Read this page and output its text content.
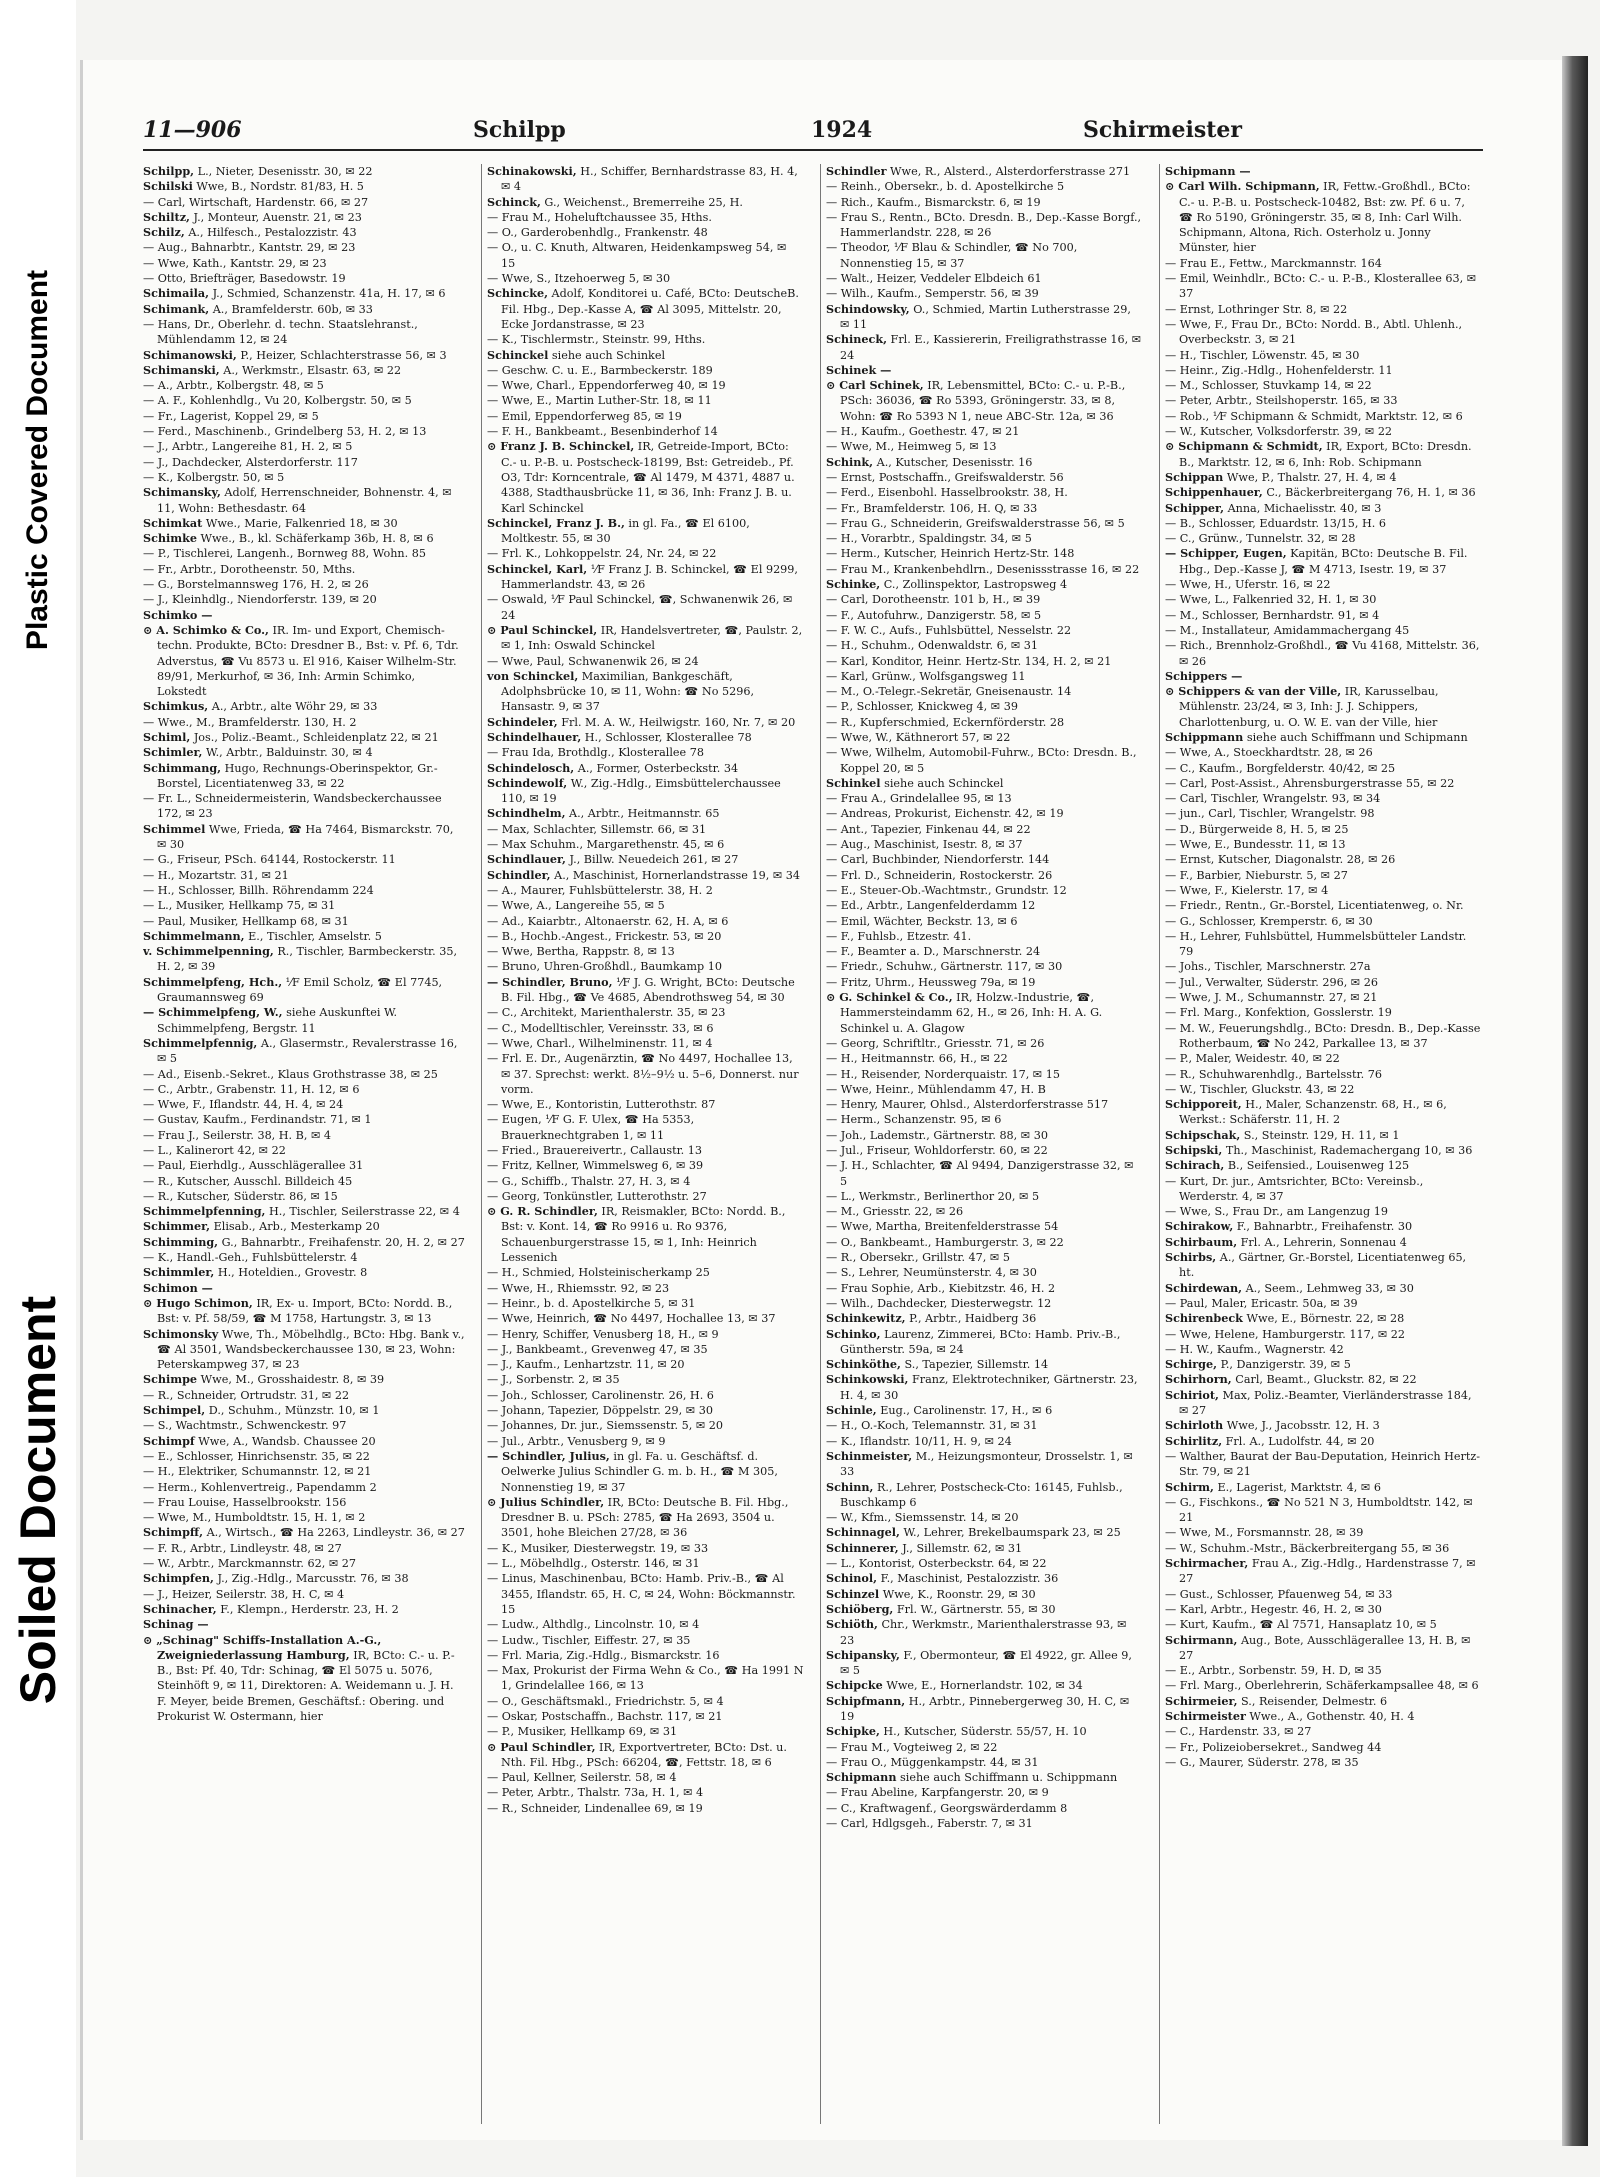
Plastic Covered Document
Soiled Document
11—906	Schilpp	1924	Schirmeister

Schilpp, L., Nieter, Desenisstr. 30, ✉ 22

Schilski Wwe, B., Nordstr. 81/83, H. 5

— Carl, Wirtschaft, Hardenstr. 66, ✉ 27

Schiltz, J., Monteur, Auenstr. 21, ✉ 23

Schilz, A., Hilfesch., Pestalozzistr. 43

— Aug., Bahnarbtr., Kantstr. 29, ✉ 23

— Wwe, Kath., Kantstr. 29, ✉ 23

— Otto, Briefträger, Basedowstr. 19

Schimaila, J., Schmied, Schanzenstr. 41a, H. 17, ✉ 6

Schimank, A., Bramfelderstr. 60b, ✉ 33

— Hans, Dr., Oberlehr. d. techn. Staatslehranst., Mühlendamm 12, ✉ 24

Schimanowski, P., Heizer, Schlachterstrasse 56, ✉ 3

Schimanski, A., Werkmstr., Elsastr. 63, ✉ 22

— A., Arbtr., Kolbergstr. 48, ✉ 5

— A. F., Kohlenhdlg., Vu 20, Kolbergstr. 50, ✉ 5

— Fr., Lagerist, Koppel 29, ✉ 5

— Ferd., Maschinenb., Grindelberg 53, H. 2, ✉ 13

— J., Arbtr., Langereihe 81, H. 2, ✉ 5

— J., Dachdecker, Alsterdorferstr. 117

— K., Kolbergstr. 50, ✉ 5

Schimansky, Adolf, Herrenschneider, Bohnenstr. 4, ✉ 11, Wohn: Bethesdastr. 64

Schimkat Wwe., Marie, Falkenried 18, ✉ 30

Schimke Wwe., B., kl. Schäferkamp 36b, H. 8, ✉ 6

— P., Tischlerei, Langenh., Bornweg 88, Wohn. 85

— Fr., Arbtr., Dorotheenstr. 50, Mths.

— G., Borstelmannsweg 176, H. 2, ✉ 26

— J., Kleinhdlg., Niendorferstr. 139, ✉ 20

Schimko —

⊙ A. Schimko & Co., IR. Im- und Export, Chemisch-techn. Produkte, BCto: Dresdner B., Bst: v. Pf. 6, Tdr. Adverstus, ☎ Vu 8573 u. El 916, Kaiser Wilhelm-Str. 89/91, Merkurhof, ✉ 36, Inh: Armin Schimko, Lokstedt

Schimkus, A., Arbtr., alte Wöhr 29, ✉ 33

— Wwe., M., Bramfelderstr. 130, H. 2

Schiml, Jos., Poliz.-Beamt., Schleidenplatz 22, ✉ 21

Schimler, W., Arbtr., Balduinstr. 30, ✉ 4

Schimmang, Hugo, Rechnungs-Oberinspektor, Gr.-Borstel, Licentiatenweg 33, ✉ 22

— Fr. L., Schneidermeisterin, Wandsbeckerchaussee 172, ✉ 23

Schimmel Wwe, Frieda, ☎ Ha 7464, Bismarckstr. 70, ✉ 30

— G., Friseur, PSch. 64144, Rostockerstr. 11

— H., Mozartstr. 31, ✉ 21

— H., Schlosser, Billh. Röhrendamm 224

— L., Musiker, Hellkamp 75, ✉ 31

— Paul, Musiker, Hellkamp 68, ✉ 31

Schimmelmann, E., Tischler, Amselstr. 5

v. Schimmelpenning, R., Tischler, Barmbeckerstr. 35, H. 2, ✉ 39

Schimmelpfeng, Hch., ⅟F Emil Scholz, ☎ El 7745, Graumannsweg 69

— Schimmelpfeng, W., siehe Auskunftei W. Schimmelpfeng, Bergstr. 11

Schimmelpfennig, A., Glasermstr., Revalerstrasse 16, ✉ 5

— Ad., Eisenb.-Sekret., Klaus Grothstrasse 38, ✉ 25

— C., Arbtr., Grabenstr. 11, H. 12, ✉ 6

— Wwe, F., Iflandstr. 44, H. 4, ✉ 24

— Gustav, Kaufm., Ferdinandstr. 71, ✉ 1

— Frau J., Seilerstr. 38, H. B, ✉ 4

— L., Kalinerort 42, ✉ 22

— Paul, Eierhdlg., Ausschlägerallee 31

— R., Kutscher, Ausschl. Billdeich 45

— R., Kutscher, Süderstr. 86, ✉ 15

Schimmelpfenning, H., Tischler, Seilerstrasse 22, ✉ 4

Schimmer, Elisab., Arb., Mesterkamp 20

Schimming, G., Bahnarbtr., Freihafenstr. 20, H. 2, ✉ 27

— K., Handl.-Geh., Fuhlsbüttelerstr. 4

Schimmler, H., Hoteldien., Grovestr. 8

Schimon —

⊙ Hugo Schimon, IR, Ex- u. Import, BCto: Nordd. B., Bst: v. Pf. 58/59, ☎ M 1758, Hartungstr. 3, ✉ 13

Schimonsky Wwe, Th., Möbelhdlg., BCto: Hbg. Bank v., ☎ Al 3501, Wandsbeckerchaussee 130, ✉ 23, Wohn: Peterskampweg 37, ✉ 23

Schimpe Wwe, M., Grosshaidestr. 8, ✉ 39

— R., Schneider, Ortrudstr. 31, ✉ 22

Schimpel, D., Schuhm., Münzstr. 10, ✉ 1

— S., Wachtmstr., Schwenckestr. 97

Schimpf Wwe, A., Wandsb. Chaussee 20

— E., Schlosser, Hinrichsenstr. 35, ✉ 22

— H., Elektriker, Schumannstr. 12, ✉ 21

— Herm., Kohlenvertreig., Papendamm 2

— Frau Louise, Hasselbrookstr. 156

— Wwe, M., Humboldtstr. 15, H. 1, ✉ 2

Schimpff, A., Wirtsch., ☎ Ha 2263, Lindleystr. 36, ✉ 27

— F. R., Arbtr., Lindleystr. 48, ✉ 27

— W., Arbtr., Marckmannstr. 62, ✉ 27

Schimpfen, J., Zig.-Hdlg., Marcusstr. 76, ✉ 38

— J., Heizer, Seilerstr. 38, H. C, ✉ 4

Schinacher, F., Klempn., Herderstr. 23, H. 2

Schinag —

⊙ „Schinag" Schiffs-Installation A.-G., Zweigniederlassung Hamburg, IR, BCto: C.- u. P.-B., Bst: Pf. 40, Tdr: Schinag, ☎ El 5075 u. 5076, Steinhöft 9, ✉ 11, Direktoren: A. Weidemann u. J. H. F. Meyer, beide Bremen, Geschäftsf.: Obering. und Prokurist W. Ostermann, hier

Schinakowski, H., Schiffer, Bernhardstrasse 83, H. 4, ✉ 4

Schinck, G., Weichenst., Bremerreihe 25, H.

— Frau M., Hoheluftchaussee 35, Hths.

— O., Garderobenhdlg., Frankenstr. 48

— O., u. C. Knuth, Altwaren, Heidenkampsweg 54, ✉ 15

— Wwe, S., Itzehoerweg 5, ✉ 30

Schincke, Adolf, Konditorei u. Café, BCto: DeutscheB. Fil. Hbg., Dep.-Kasse A, ☎ Al 3095, Mittelstr. 20, Ecke Jordanstrasse, ✉ 23

— K., Tischlermstr., Steinstr. 99, Hths.

Schinckel siehe auch Schinkel

— Geschw. C. u. E., Barmbeckerstr. 189

— Wwe, Charl., Eppendorferweg 40, ✉ 19

— Wwe, E., Martin Luther-Str. 18, ✉ 11

— Emil, Eppendorferweg 85, ✉ 19

— F. H., Bankbeamt., Besenbinderhof 14

⊙ Franz J. B. Schinckel, IR, Getreide-Import, BCto: C.- u. P.-B. u. Postscheck-18199, Bst: Getreideb., Pf. O3, Tdr: Korncentrale, ☎ Al 1479, M 4371, 4887 u. 4388, Stadthausbrücke 11, ✉ 36, Inh: Franz J. B. u. Karl Schinckel

Schinckel, Franz J. B., in gl. Fa., ☎ El 6100, Moltkestr. 55, ✉ 30

— Frl. K., Lohkoppelstr. 24, Nr. 24, ✉ 22

Schinckel, Karl, ⅟F Franz J. B. Schinckel, ☎ El 9299, Hammerlandstr. 43, ✉ 26

— Oswald, ⅟F Paul Schinckel, ☎, Schwanenwik 26, ✉ 24

⊙ Paul Schinckel, IR, Handelsvertreter, ☎, Paulstr. 2, ✉ 1, Inh: Oswald Schinckel

— Wwe, Paul, Schwanenwik 26, ✉ 24

von Schinckel, Maximilian, Bankgeschäft, Adolphsbrücke 10, ✉ 11, Wohn: ☎ No 5296, Hansastr. 9, ✉ 37

Schindeler, Frl. M. A. W., Heilwigstr. 160, Nr. 7, ✉ 20

Schindelhauer, H., Schlosser, Klosterallee 78

— Frau Ida, Brothdlg., Klosterallee 78

Schindelosch, A., Former, Osterbeckstr. 34

Schindewolf, W., Zig.-Hdlg., Eimsbüttelerchaussee 110, ✉ 19

Schindhelm, A., Arbtr., Heitmannstr. 65

— Max, Schlachter, Sillemstr. 66, ✉ 31

— Max Schuhm., Margarethenstr. 45, ✉ 6

Schindlauer, J., Billw. Neuedeich 261, ✉ 27

Schindler, A., Maschinist, Hornerlandstrasse 19, ✉ 34

— A., Maurer, Fuhlsbüttelerstr. 38, H. 2

— Wwe, A., Langereihe 55, ✉ 5

— Ad., Kaiarbtr., Altonaerstr. 62, H. A, ✉ 6

— B., Hochb.-Angest., Frickestr. 53, ✉ 20

— Wwe, Bertha, Rappstr. 8, ✉ 13

— Bruno, Uhren-Großhdl., Baumkamp 10

— Schindler, Bruno, ⅟F J. G. Wright, BCto: Deutsche B. Fil. Hbg., ☎ Ve 4685, Abendrothsweg 54, ✉ 30

— C., Architekt, Marienthalerstr. 35, ✉ 23

— C., Modelltischler, Vereinsstr. 33, ✉ 6

— Wwe, Charl., Wilhelminenstr. 11, ✉ 4

— Frl. E. Dr., Augenärztin, ☎ No 4497, Hochallee 13, ✉ 37. Sprechst: werkt. 8½–9½ u. 5–6, Donnerst. nur vorm.

— Wwe, E., Kontoristin, Lutterothstr. 87

— Eugen, ⅟F G. F. Ulex, ☎ Ha 5353, Brauerknechtgraben 1, ✉ 11

— Fried., Brauereivertr., Callaustr. 13

— Fritz, Kellner, Wimmelsweg 6, ✉ 39

— G., Schiffb., Thalstr. 27, H. 3, ✉ 4

— Georg, Tonkünstler, Lutterothstr. 27

⊙ G. R. Schindler, IR, Reismakler, BCto: Nordd. B., Bst: v. Kont. 14, ☎ Ro 9916 u. Ro 9376, Schauenburgerstrasse 15, ✉ 1, Inh: Heinrich Lessenich

— H., Schmied, Holsteinischerkamp 25

— Wwe, H., Rhiemsstr. 92, ✉ 23

— Heinr., b. d. Apostelkirche 5, ✉ 31

— Wwe, Heinrich, ☎ No 4497, Hochallee 13, ✉ 37

— Henry, Schiffer, Venusberg 18, H., ✉ 9

— J., Bankbeamt., Grevenweg 47, ✉ 35

— J., Kaufm., Lenhartzstr. 11, ✉ 20

— J., Sorbenstr. 2, ✉ 35

— Joh., Schlosser, Carolinenstr. 26, H. 6

— Johann, Tapezier, Döppelstr. 29, ✉ 30

— Johannes, Dr. jur., Siemssenstr. 5, ✉ 20

— Jul., Arbtr., Venusberg 9, ✉ 9

— Schindler, Julius, in gl. Fa. u. Geschäftsf. d. Oelwerke Julius Schindler G. m. b. H., ☎ M 305, Nonnenstieg 19, ✉ 37

⊙ Julius Schindler, IR, BCto: Deutsche B. Fil. Hbg., Dresdner B. u. PSch: 2785, ☎ Ha 2693, 3504 u. 3501, hohe Bleichen 27/28, ✉ 36

— K., Musiker, Diesterwegstr. 19, ✉ 33

— L., Möbelhdlg., Osterstr. 146, ✉ 31

— Linus, Maschinenbau, BCto: Hamb. Priv.-B., ☎ Al 3455, Iflandstr. 65, H. C, ✉ 24, Wohn: Böckmannstr. 15

— Ludw., Althdlg., Lincolnstr. 10, ✉ 4

— Ludw., Tischler, Eiffestr. 27, ✉ 35

— Frl. Maria, Zig.-Hdlg., Bismarckstr. 16

— Max, Prokurist der Firma Wehn & Co., ☎ Ha 1991 N 1, Grindelallee 166, ✉ 13

— O., Geschäftsmakl., Friedrichstr. 5, ✉ 4

— Oskar, Postschaffn., Bachstr. 117, ✉ 21

— P., Musiker, Hellkamp 69, ✉ 31

⊙ Paul Schindler, IR, Exportvertreter, BCto: Dst. u. Nth. Fil. Hbg., PSch: 66204, ☎, Fettstr. 18, ✉ 6

— Paul, Kellner, Seilerstr. 58, ✉ 4

— Peter, Arbtr., Thalstr. 73a, H. 1, ✉ 4

— R., Schneider, Lindenallee 69, ✉ 19

Schindler Wwe, R., Alsterd., Alsterdorferstrasse 271

— Reinh., Obersekr., b. d. Apostelkirche 5

— Rich., Kaufm., Bismarckstr. 6, ✉ 19

— Frau S., Rentn., BCto. Dresdn. B., Dep.-Kasse Borgf., Hammerlandstr. 228, ✉ 26

— Theodor, ⅟F Blau & Schindler, ☎ No 700, Nonnenstieg 15, ✉ 37

— Walt., Heizer, Veddeler Elbdeich 61

— Wilh., Kaufm., Semperstr. 56, ✉ 39

Schindowsky, O., Schmied, Martin Lutherstrasse 29, ✉ 11

Schineck, Frl. E., Kassiererin, Freiligrathstrasse 16, ✉ 24

Schinek —

⊙ Carl Schinek, IR, Lebensmittel, BCto: C.- u. P.-B., PSch: 36036, ☎ Ro 5393, Gröningerstr. 33, ✉ 8, Wohn: ☎ Ro 5393 N 1, neue ABC-Str. 12a, ✉ 36

— H., Kaufm., Goethestr. 47, ✉ 21

— Wwe, M., Heimweg 5, ✉ 13

Schink, A., Kutscher, Desenisstr. 16

— Ernst, Postschaffn., Greifswalderstr. 56

— Ferd., Eisenbohl. Hasselbrookstr. 38, H.

— Fr., Bramfelderstr. 106, H. Q, ✉ 33

— Frau G., Schneiderin, Greifswalderstrasse 56, ✉ 5

— H., Vorarbtr., Spaldingstr. 34, ✉ 5

— Herm., Kutscher, Heinrich Hertz-Str. 148

— Frau M., Krankenbehdlrn., Desenissstrasse 16, ✉ 22

Schinke, C., Zollinspektor, Lastropsweg 4

— Carl, Dorotheenstr. 101 b, H., ✉ 39

— F., Autofuhrw., Danzigerstr. 58, ✉ 5

— F. W. C., Aufs., Fuhlsbüttel, Nesselstr. 22

— H., Schuhm., Odenwaldstr. 6, ✉ 31

— Karl, Konditor, Heinr. Hertz-Str. 134, H. 2, ✉ 21

— Karl, Grünw., Wolfsgangsweg 11

— M., O.-Telegr.-Sekretär, Gneisenaustr. 14

— P., Schlosser, Knickweg 4, ✉ 39

— R., Kupferschmied, Eckernförderstr. 28

— Wwe, W., Käthnerort 57, ✉ 22

— Wwe, Wilhelm, Automobil-Fuhrw., BCto: Dresdn. B., Koppel 20, ✉ 5

Schinkel siehe auch Schinckel

— Frau A., Grindelallee 95, ✉ 13

— Andreas, Prokurist, Eichenstr. 42, ✉ 19

— Ant., Tapezier, Finkenau 44, ✉ 22

— Aug., Maschinist, Isestr. 8, ✉ 37

— Carl, Buchbinder, Niendorferstr. 144

— Frl. D., Schneiderin, Rostockerstr. 26

— E., Steuer-Ob.-Wachtmstr., Grundstr. 12

— Ed., Arbtr., Langenfelderdamm 12

— Emil, Wächter, Beckstr. 13, ✉ 6

— F., Fuhlsb., Etzestr. 41.

— F., Beamter a. D., Marschnerstr. 24

— Friedr., Schuhw., Gärtnerstr. 117, ✉ 30

— Fritz, Uhrm., Heussweg 79a, ✉ 19

⊙ G. Schinkel & Co., IR, Holzw.-Industrie, ☎, Hammersteindamm 62, H., ✉ 26, Inh: H. A. G. Schinkel u. A. Glagow

— Georg, Schriftltr., Griesstr. 71, ✉ 26

— H., Heitmannstr. 66, H., ✉ 22

— H., Reisender, Norderquaistr. 17, ✉ 15

— Wwe, Heinr., Mühlendamm 47, H. B

— Henry, Maurer, Ohlsd., Alsterdorferstrasse 517

— Herm., Schanzenstr. 95, ✉ 6

— Joh., Lademstr., Gärtnerstr. 88, ✉ 30

— Jul., Friseur, Wohldorferstr. 60, ✉ 22

— J. H., Schlachter, ☎ Al 9494, Danzigerstrasse 32, ✉ 5

— L., Werkmstr., Berlinerthor 20, ✉ 5

— M., Griesstr. 22, ✉ 26

— Wwe, Martha, Breitenfelderstrasse 54

— O., Bankbeamt., Hamburgerstr. 3, ✉ 22

— R., Obersekr., Grillstr. 47, ✉ 5

— S., Lehrer, Neumünsterstr. 4, ✉ 30

— Frau Sophie, Arb., Kiebitzstr. 46, H. 2

— Wilh., Dachdecker, Diesterwegstr. 12

Schinkewitz, P., Arbtr., Haidberg 36

Schinko, Laurenz, Zimmerei, BCto: Hamb. Priv.-B., Güntherstr. 59a, ✉ 24

Schinköthe, S., Tapezier, Sillemstr. 14

Schinkowski, Franz, Elektrotechniker, Gärtnerstr. 23, H. 4, ✉ 30

Schinle, Eug., Carolinenstr. 17, H., ✉ 6

— H., O.-Koch, Telemannstr. 31, ✉ 31

— K., Iflandstr. 10/11, H. 9, ✉ 24

Schinmeister, M., Heizungsmonteur, Drosselstr. 1, ✉ 33

Schinn, R., Lehrer, Postscheck-Cto: 16145, Fuhlsb., Buschkamp 6

— W., Kfm., Siemssenstr. 14, ✉ 20

Schinnagel, W., Lehrer, Brekelbaumspark 23, ✉ 25

Schinnerer, J., Sillemstr. 62, ✉ 31

— L., Kontorist, Osterbeckstr. 64, ✉ 22

Schinol, F., Maschinist, Pestalozzistr. 36

Schinzel Wwe, K., Roonstr. 29, ✉ 30

Schiöberg, Frl. W., Gärtnerstr. 55, ✉ 30

Schiöth, Chr., Werkmstr., Marienthalerstrasse 93, ✉ 23

Schipansky, F., Obermonteur, ☎ El 4922, gr. Allee 9, ✉ 5

Schipcke Wwe, E., Hornerlandstr. 102, ✉ 34

Schipfmann, H., Arbtr., Pinnebergerweg 30, H. C, ✉ 19

Schipke, H., Kutscher, Süderstr. 55/57, H. 10

— Frau M., Vogteiweg 2, ✉ 22

— Frau O., Müggenkampstr. 44, ✉ 31

Schipmann siehe auch Schiffmann u. Schippmann

— Frau Abeline, Karpfangerstr. 20, ✉ 9

— C., Kraftwagenf., Georgswärderdamm 8

— Carl, Hdlgsgeh., Faberstr. 7, ✉ 31

Schipmann —

⊙ Carl Wilh. Schipmann, IR, Fettw.-Großhdl., BCto: C.- u. P.-B. u. Postscheck-10482, Bst: zw. Pf. 6 u. 7, ☎ Ro 5190, Gröningerstr. 35, ✉ 8, Inh: Carl Wilh. Schipmann, Altona, Rich. Osterholz u. Jonny Münster, hier

— Frau E., Fettw., Marckmannstr. 164

— Emil, Weinhdlr., BCto: C.- u. P.-B., Klosterallee 63, ✉ 37

— Ernst, Lothringer Str. 8, ✉ 22

— Wwe, F., Frau Dr., BCto: Nordd. B., Abtl. Uhlenh., Overbeckstr. 3, ✉ 21

— H., Tischler, Löwenstr. 45, ✉ 30

— Heinr., Zig.-Hdlg., Hohenfelderstr. 11

— M., Schlosser, Stuvkamp 14, ✉ 22

— Peter, Arbtr., Steilshoperstr. 165, ✉ 33

— Rob., ⅟F Schipmann & Schmidt, Marktstr. 12, ✉ 6

— W., Kutscher, Volksdorferstr. 39, ✉ 22

⊙ Schipmann & Schmidt, IR, Export, BCto: Dresdn. B., Marktstr. 12, ✉ 6, Inh: Rob. Schipmann

Schippan Wwe, P., Thalstr. 27, H. 4, ✉ 4

Schippenhauer, C., Bäckerbreitergang 76, H. 1, ✉ 36

Schipper, Anna, Michaelisstr. 40, ✉ 3

— B., Schlosser, Eduardstr. 13/15, H. 6

— C., Grünw., Tunnelstr. 32, ✉ 28

— Schipper, Eugen, Kapitän, BCto: Deutsche B. Fil. Hbg., Dep.-Kasse J, ☎ M 4713, Isestr. 19, ✉ 37

— Wwe, H., Uferstr. 16, ✉ 22

— Wwe, L., Falkenried 32, H. 1, ✉ 30

— M., Schlosser, Bernhardstr. 91, ✉ 4

— M., Installateur, Amidammachergang 45

— Rich., Brennholz-Großhdl., ☎ Vu 4168, Mittelstr. 36, ✉ 26

Schippers —

⊙ Schippers & van der Ville, IR, Karusselbau, Mühlenstr. 23/24, ✉ 3, Inh: J. J. Schippers, Charlottenburg, u. O. W. E. van der Ville, hier

Schippmann siehe auch Schiffmann und Schipmann

— Wwe, A., Stoeckhardtstr. 28, ✉ 26

— C., Kaufm., Borgfelderstr. 40/42, ✉ 25

— Carl, Post-Assist., Ahrensburgerstrasse 55, ✉ 22

— Carl, Tischler, Wrangelstr. 93, ✉ 34

— jun., Carl, Tischler, Wrangelstr. 98

— D., Bürgerweide 8, H. 5, ✉ 25

— Wwe, E., Bundesstr. 11, ✉ 13

— Ernst, Kutscher, Diagonalstr. 28, ✉ 26

— F., Barbier, Nieburstr. 5, ✉ 27

— Wwe, F., Kielerstr. 17, ✉ 4

— Friedr., Rentn., Gr.-Borstel, Licentiatenweg, o. Nr.

— G., Schlosser, Kremperstr. 6, ✉ 30

— H., Lehrer, Fuhlsbüttel, Hummelsbütteler Landstr. 79

— Johs., Tischler, Marschnerstr. 27a

— Jul., Verwalter, Süderstr. 296, ✉ 26

— Wwe, J. M., Schumannstr. 27, ✉ 21

— Frl. Marg., Konfektion, Gosslerstr. 19

— M. W., Feuerungshdlg., BCto: Dresdn. B., Dep.-Kasse Rotherbaum, ☎ No 242, Parkallee 13, ✉ 37

— P., Maler, Weidestr. 40, ✉ 22

— R., Schuhwarenhdlg., Bartelsstr. 76

— W., Tischler, Gluckstr. 43, ✉ 22

Schipporeit, H., Maler, Schanzenstr. 68, H., ✉ 6, Werkst.: Schäferstr. 11, H. 2

Schipschak, S., Steinstr. 129, H. 11, ✉ 1

Schipski, Th., Maschinist, Rademachergang 10, ✉ 36

Schirach, B., Seifensied., Louisenweg 125

— Kurt, Dr. jur., Amtsrichter, BCto: Vereinsb., Werderstr. 4, ✉ 37

— Wwe, S., Frau Dr., am Langenzug 19

Schirakow, F., Bahnarbtr., Freihafenstr. 30

Schirbaum, Frl. A., Lehrerin, Sonnenau 4

Schirbs, A., Gärtner, Gr.-Borstel, Licentiatenweg 65, ht.

Schirdewan, A., Seem., Lehmweg 33, ✉ 30

— Paul, Maler, Ericastr. 50a, ✉ 39

Schirenbeck Wwe, E., Börnestr. 22, ✉ 28

— Wwe, Helene, Hamburgerstr. 117, ✉ 22

— H. W., Kaufm., Wagnerstr. 42

Schirge, P., Danzigerstr. 39, ✉ 5

Schirhorn, Carl, Beamt., Gluckstr. 82, ✉ 22

Schiriot, Max, Poliz.-Beamter, Vierländerstrasse 184, ✉ 27

Schirloth Wwe, J., Jacobsstr. 12, H. 3

Schirlitz, Frl. A., Ludolfstr. 44, ✉ 20

— Walther, Baurat der Bau-Deputation, Heinrich Hertz-Str. 79, ✉ 21

Schirm, E., Lagerist, Marktstr. 4, ✉ 6

— G., Fischkons., ☎ No 521 N 3, Humboldtstr. 142, ✉ 21

— Wwe, M., Forsmannstr. 28, ✉ 39

— W., Schuhm.-Mstr., Bäckerbreitergang 55, ✉ 36

Schirmacher, Frau A., Zig.-Hdlg., Hardenstrasse 7, ✉ 27

— Gust., Schlosser, Pfauenweg 54, ✉ 33

— Karl, Arbtr., Hegestr. 46, H. 2, ✉ 30

— Kurt, Kaufm., ☎ Al 7571, Hansaplatz 10, ✉ 5

Schirmann, Aug., Bote, Ausschlägerallee 13, H. B, ✉ 27

— E., Arbtr., Sorbenstr. 59, H. D, ✉ 35

— Frl. Marg., Oberlehrerin, Schäferkampsallee 48, ✉ 6

Schirmeier, S., Reisender, Delmestr. 6

Schirmeister Wwe., A., Gothenstr. 40, H. 4

— C., Hardenstr. 33, ✉ 27

— Fr., Polizeiobersekret., Sandweg 44

— G., Maurer, Süderstr. 278, ✉ 35
